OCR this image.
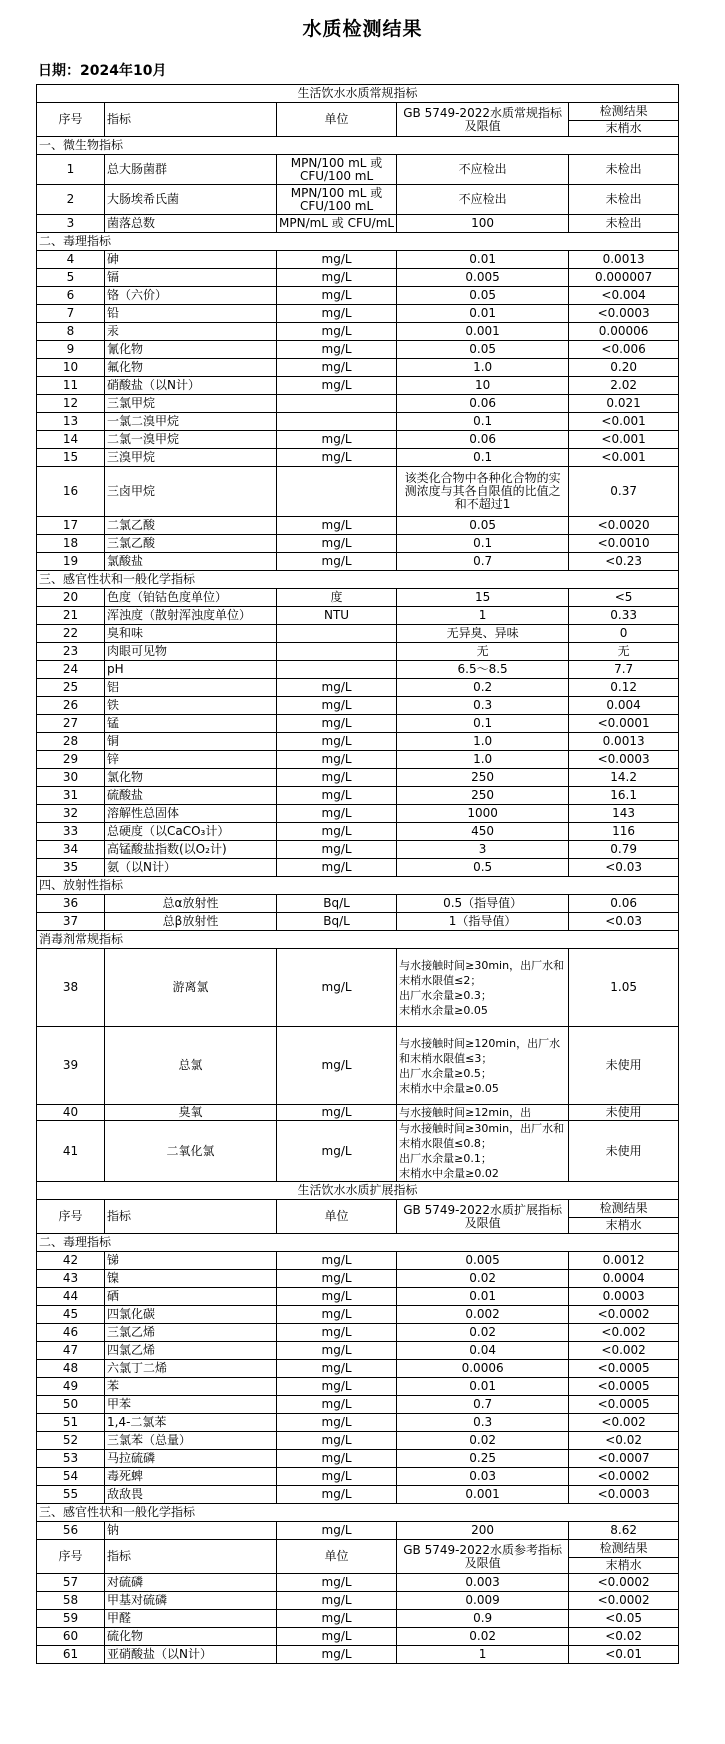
水质检测结果
日期：2024年10月
生活饮水水质常规指标				
序号	指标	单位	GB 5749-2022水质常规指标及限值	检测结果
				末梢水
一、微生物指标				
1	总大肠菌群	MPN/100 mL 或 CFU/100 mL	不应检出	未检出
2	大肠埃希氏菌	MPN/100 mL 或 CFU/100 mL	不应检出	未检出
3	菌落总数	MPN/mL 或 CFU/mL	100	未检出
二、毒理指标				
4	砷	mg/L	0.01	0.0013
5	镉	mg/L	0.005	0.000007
6	铬（六价）	mg/L	0.05	<0.004
7	铅	mg/L	0.01	<0.0003
8	汞	mg/L	0.001	0.00006
9	氰化物	mg/L	0.05	<0.006
10	氟化物	mg/L	1.0	0.20
11	硝酸盐（以N计）	mg/L	10	2.02
12	三氯甲烷		0.06	0.021
13	一氯二溴甲烷		0.1	<0.001
14	二氯一溴甲烷	mg/L	0.06	<0.001
15	三溴甲烷	mg/L	0.1	<0.001
16	三卤甲烷		该类化合物中各种化合物的实测浓度与其各自限值的比值之和不超过1	0.37
17	二氯乙酸	mg/L	0.05	<0.0020
18	三氯乙酸	mg/L	0.1	<0.0010
19	氯酸盐	mg/L	0.7	<0.23
三、感官性状和一般化学指标				
20	色度（铂钴色度单位）	度	15	<5
21	浑浊度（散射浑浊度单位）	NTU	1	0.33
22	臭和味		无异臭、异味	0
23	肉眼可见物		无	无
24	pH		6.5～8.5	7.7
25	铝	mg/L	0.2	0.12
26	铁	mg/L	0.3	0.004
27	锰	mg/L	0.1	<0.0001
28	铜	mg/L	1.0	0.0013
29	锌	mg/L	1.0	<0.0003
30	氯化物	mg/L	250	14.2
31	硫酸盐	mg/L	250	16.1
32	溶解性总固体	mg/L	1000	143
33	总硬度（以CaCO₃计）	mg/L	450	116
34	高锰酸盐指数(以O₂计)	mg/L	3	0.79
35	氨（以N计）	mg/L	0.5	<0.03
四、放射性指标				
36	总α放射性	Bq/L	0.5（指导值）	0.06
37	总β放射性	Bq/L	1（指导值）	<0.03
消毒剂常规指标				
38	游离氯	mg/L	与水接触时间≥30min，出厂水和末梢水限值≤2；
出厂水余量≥0.3；
末梢水余量≥0.05	1.05
39	总氯	mg/L	与水接触时间≥120min，出厂水和末梢水限值≤3；
出厂水余量≥0.5；
末梢水中余量≥0.05	未使用
40	臭氧	mg/L	与水接触时间≥12min，出	未使用
41	二氧化氯	mg/L	与水接触时间≥30min，出厂水和末梢水限值≤0.8；
出厂水余量≥0.1；
末梢水中余量≥0.02	未使用
生活饮水水质扩展指标				
序号	指标	单位	GB 5749-2022水质扩展指标及限值	检测结果
				末梢水
二、毒理指标				
42	锑	mg/L	0.005	0.0012
43	镍	mg/L	0.02	0.0004
44	硒	mg/L	0.01	0.0003
45	四氯化碳	mg/L	0.002	<0.0002
46	三氯乙烯	mg/L	0.02	<0.002
47	四氯乙烯	mg/L	0.04	<0.002
48	六氯丁二烯	mg/L	0.0006	<0.0005
49	苯	mg/L	0.01	<0.0005
50	甲苯	mg/L	0.7	<0.0005
51	1,4-二氯苯	mg/L	0.3	<0.002
52	三氯苯（总量）	mg/L	0.02	<0.02
53	马拉硫磷	mg/L	0.25	<0.0007
54	毒死蜱	mg/L	0.03	<0.0002
55	敌敌畏	mg/L	0.001	<0.0003
三、感官性状和一般化学指标				
56	钠	mg/L	200	8.62
序号	指标	单位	GB 5749-2022水质参考指标及限值	检测结果
				末梢水
57	对硫磷	mg/L	0.003	<0.0002
58	甲基对硫磷	mg/L	0.009	<0.0002
59	甲醛	mg/L	0.9	<0.05
60	硫化物	mg/L	0.02	<0.02
61	亚硝酸盐（以N计）	mg/L	1	<0.01
